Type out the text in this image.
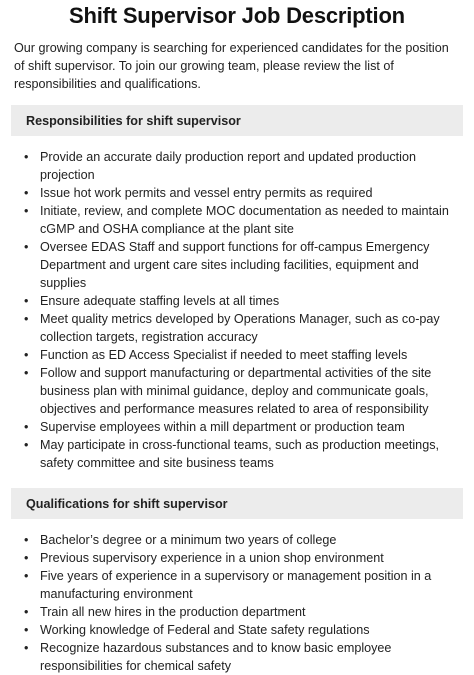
Shift Supervisor Job Description

Our growing company is searching for experienced candidates for the position of shift supervisor. To join our growing team, please review the list of responsibilities and qualifications.

Responsibilities for shift supervisor
• Provide an accurate daily production report and updated production projection
• Issue hot work permits and vessel entry permits as required
• Initiate, review, and complete MOC documentation as needed to maintain cGMP and OSHA compliance at the plant site
• Oversee EDAS Staff and support functions for off-campus Emergency Department and urgent care sites including facilities, equipment and supplies
• Ensure adequate staffing levels at all times
• Meet quality metrics developed by Operations Manager, such as co-pay collection targets, registration accuracy
• Function as ED Access Specialist if needed to meet staffing levels
• Follow and support manufacturing or departmental activities of the site business plan with minimal guidance, deploy and communicate goals, objectives and performance measures related to area of responsibility
• Supervise employees within a mill department or production team
• May participate in cross-functional teams, such as production meetings, safety committee and site business teams
Qualifications for shift supervisor
• Bachelor’s degree or a minimum two years of college
• Previous supervisory experience in a union shop environment
• Five years of experience in a supervisory or management position in a manufacturing environment
• Train all new hires in the production department
• Working knowledge of Federal and State safety regulations
• Recognize hazardous substances and to know basic employee responsibilities for chemical safety
